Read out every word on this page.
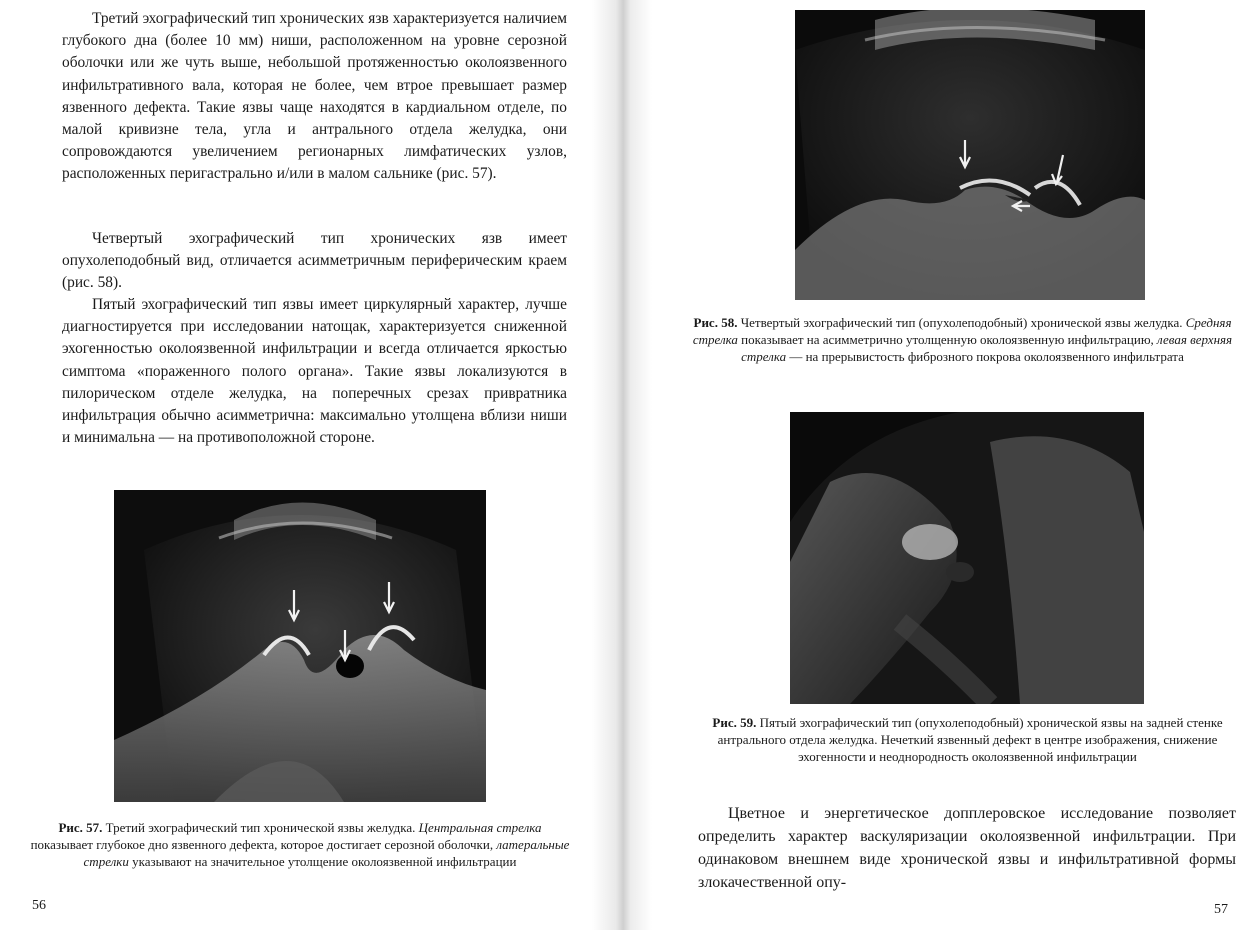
Третий эхографический тип хронических язв характеризуется наличием глубокого дна (более 10 мм) ниши, расположенном на уровне серозной оболочки или же чуть выше, небольшой протяженностью околоязвенного инфильтративного вала, которая не более, чем втрое превышает размер язвенного дефекта. Такие язвы чаще находятся в кардиальном отделе, по малой кривизне тела, угла и антрального отдела желудка, они сопровождаются увеличением регионарных лимфатических узлов, расположенных перигастрально и/или в малом сальнике (рис. 57).

Четвертый эхографический тип хронических язв имеет опухолеподобный вид, отличается асимметричным периферическим краем (рис. 58).

Пятый эхографический тип язвы имеет циркулярный характер, лучше диагностируется при исследовании натощак, характеризуется сниженной эхогенностью околоязвенной инфильтрации и всегда отличается яркостью симптома «пораженного полого органа». Такие язвы локализуются в пилорическом отделе желудка, на поперечных срезах привратника инфильтрация обычно асимметрична: максимально утолщена вблизи ниши и минимальна — на противоположной стороне.

Рис. 57. Третий эхографический тип хронической язвы желудка. Центральная стрелка показывает глубокое дно язвенного дефекта, которое достигает серозной оболочки, латеральные стрелки указывают на значительное утолщение околоязвенной инфильтрации

56

Рис. 58. Четвертый эхографический тип (опухолеподобный) хронической язвы желудка. Средняя стрелка показывает на асимметрично утолщенную околоязвенную инфильтрацию, левая верхняя стрелка — на прерывистость фиброзного покрова околоязвенного инфильтрата

Рис. 59. Пятый эхографический тип (опухолеподобный) хронической язвы на задней стенке антрального отдела желудка. Нечеткий язвенный дефект в центре изображения, снижение эхогенности и неоднородность околоязвенной инфильтрации

Цветное и энергетическое допплеровское исследование позволяет определить характер васкуляризации околоязвенной инфильтрации. При одинаковом внешнем виде хронической язвы и инфильтративной формы злокачественной опу-

57
